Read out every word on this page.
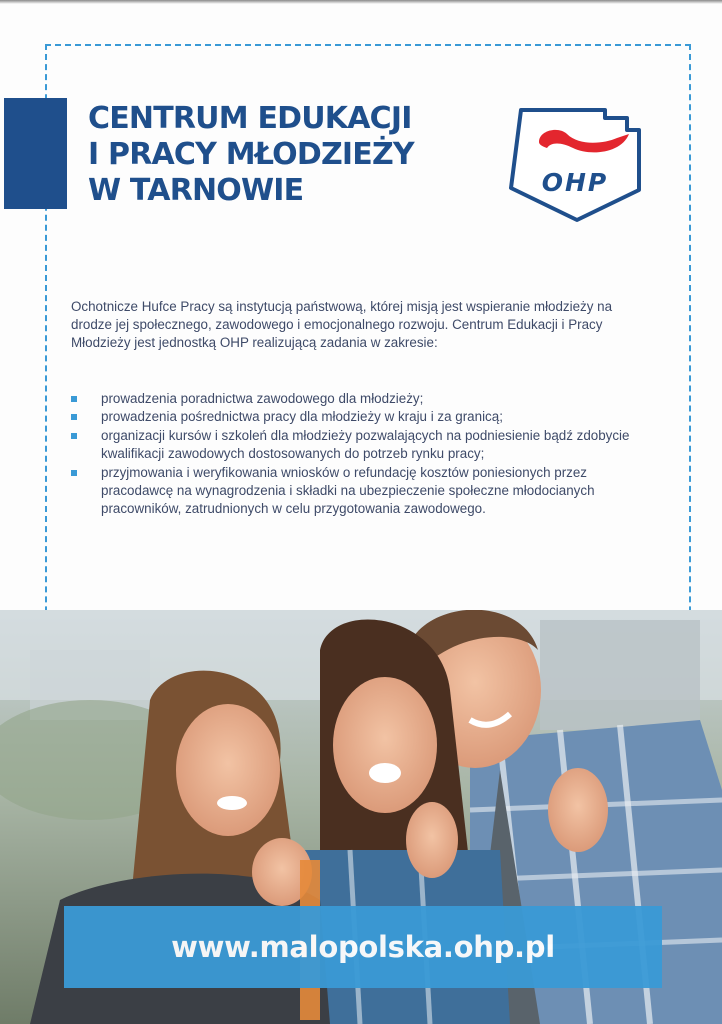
CENTRUM EDUKACJI
I PRACY MŁODZIEŻY
W TARNOWIE	OHP

Ochotnicze Hufce Pracy są instytucją państwową, której misją jest wspieranie młodzieży na drodze jej społecznego, zawodowego i emocjonalnego rozwoju. Centrum Edukacji i Pracy Młodzieży jest jednostką OHP realizującą zadania w zakresie:

prowadzenia poradnictwa zawodowego dla młodzieży;
prowadzenia pośrednictwa pracy dla młodzieży w kraju i za granicą;
organizacji kursów i szkoleń dla młodzieży pozwalających na podniesienie bądź zdobycie kwalifikacji zawodowych dostosowanych do potrzeb rynku pracy;
przyjmowania i weryfikowania wniosków o refundację kosztów poniesionych przez pracodawcę na wynagrodzenia i składki na ubezpieczenie społeczne młodocianych pracowników, zatrudnionych w celu przygotowania zawodowego.
www.malopolska.ohp.pl
